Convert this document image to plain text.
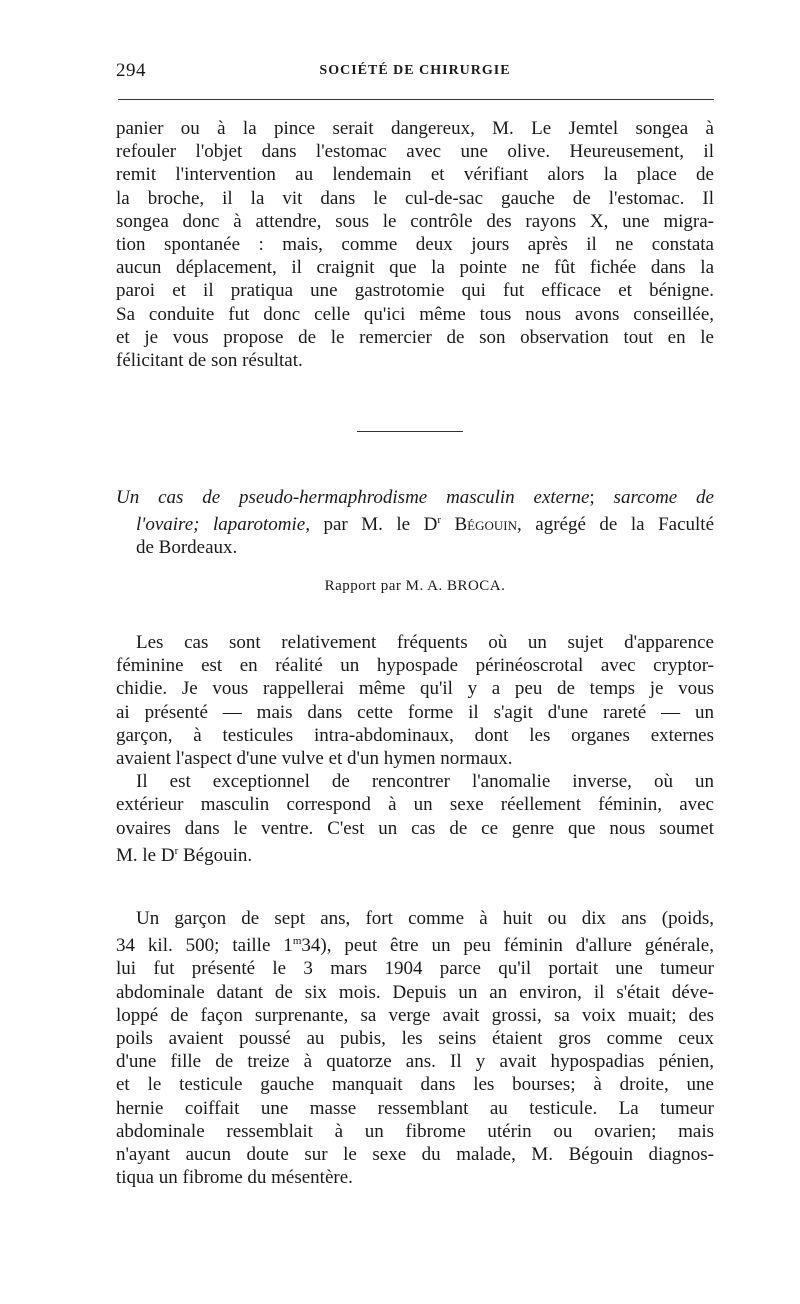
294	SOCIÉTÉ DE CHIRURGIE
panier ou à la pince serait dangereux, M. Le Jemtel songea à
refouler l'objet dans l'estomac avec une olive. Heureusement, il
remit l'intervention au lendemain et vérifiant alors la place de
la broche, il la vit dans le cul-de-sac gauche de l'estomac. Il
songea donc à attendre, sous le contrôle des rayons X, une migra-
tion spontanée : mais, comme deux jours après il ne constata
aucun déplacement, il craignit que la pointe ne fût fichée dans la
paroi et il pratiqua une gastrotomie qui fut efficace et bénigne.
Sa conduite fut donc celle qu'ici même tous nous avons conseillée,
et je vous propose de le remercier de son observation tout en le
félicitant de son résultat.
Un cas de pseudo-hermaphrodisme masculin externe; sarcome de
l'ovaire; laparotomie, par M. le $D^r$ Bégouin, agrégé de la Faculté
de Bordeaux.
Rapport par M. A. BROCA.
Les cas sont relativement fréquents où un sujet d'apparence
féminine est en réalité un hypospade périnéoscrotal avec cryptor-
chidie. Je vous rappellerai même qu'il y a peu de temps je vous
ai présenté — mais dans cette forme il s'agit d'une rareté — un
garçon, à testicules intra-abdominaux, dont les organes externes
avaient l'aspect d'une vulve et d'un hymen normaux.
Il est exceptionnel de rencontrer l'anomalie inverse, où un
extérieur masculin correspond à un sexe réellement féminin, avec
ovaires dans le ventre. C'est un cas de ce genre que nous soumet
M. le $D^r$ Bégouin.
Un garçon de sept ans, fort comme à huit ou dix ans (poids,
34 kil. 500; taille 1$^m$34), peut être un peu féminin d'allure générale,
lui fut présenté le 3 mars 1904 parce qu'il portait une tumeur
abdominale datant de six mois. Depuis un an environ, il s'était déve-
loppé de façon surprenante, sa verge avait grossi, sa voix muait; des
poils avaient poussé au pubis, les seins étaient gros comme ceux
d'une fille de treize à quatorze ans. Il y avait hypospadias pénien,
et le testicule gauche manquait dans les bourses; à droite, une
hernie coiffait une masse ressemblant au testicule. La tumeur
abdominale ressemblait à un fibrome utérin ou ovarien; mais
n'ayant aucun doute sur le sexe du malade, M. Bégouin diagnos-
tiqua un fibrome du mésentère.
